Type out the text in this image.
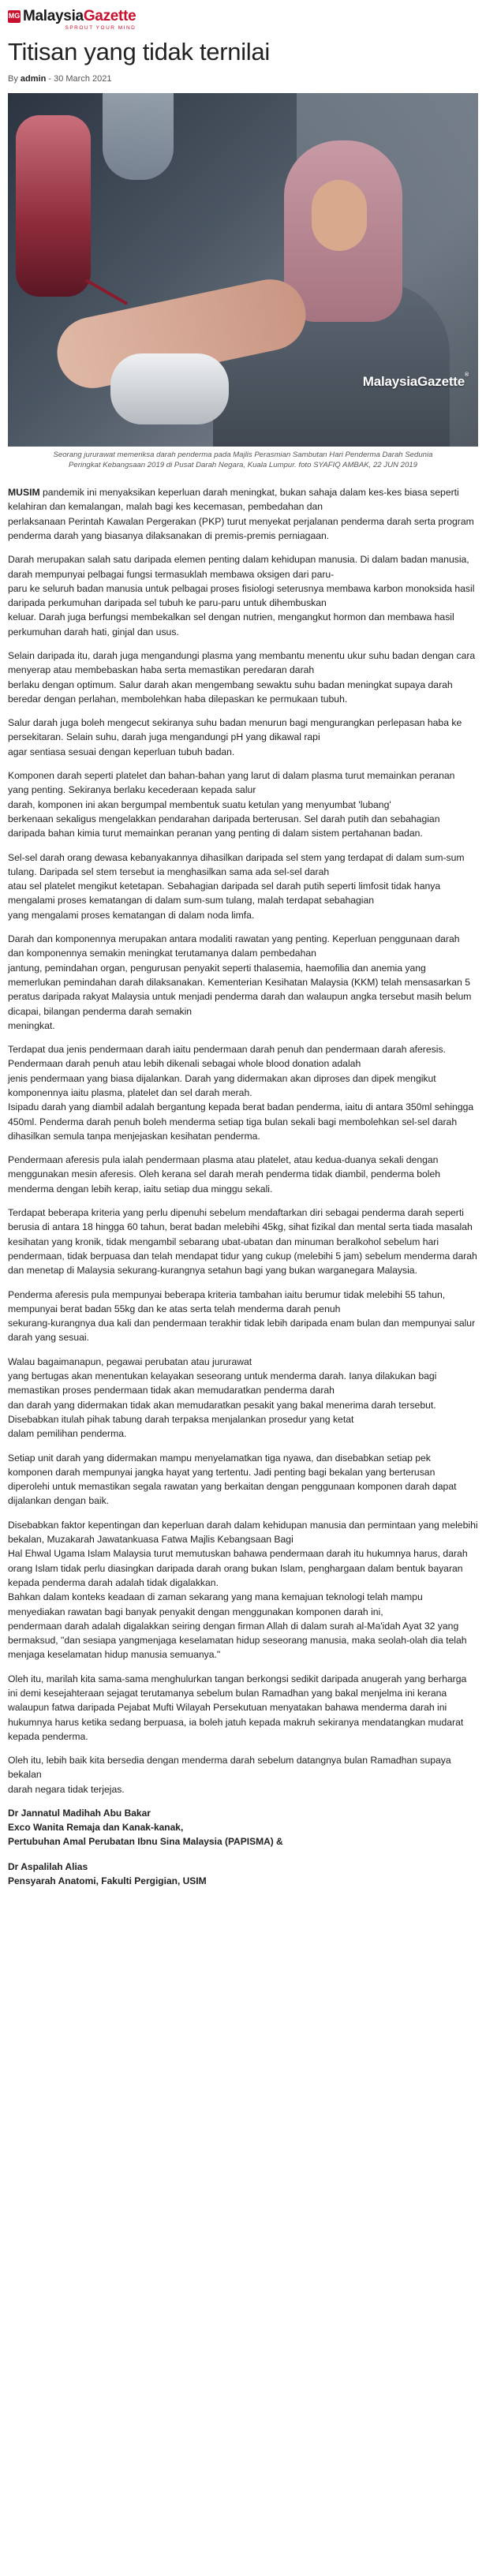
MG MalaysiaGazette
SPROUT YOUR MIND
Titisan yang tidak ternilai
By admin - 30 March 2021
MalaysiaGazette®
Seorang jururawat memeriksa darah penderma pada Majlis Perasmian Sambutan Hari Penderma Darah Sedunia
Peringkat Kebangsaan 2019 di Pusat Darah Negara, Kuala Lumpur. foto SYAFIQ AMBAK, 22 JUN 2019

MUSIM pandemik ini menyaksikan keperluan darah meningkat, bukan sahaja dalam kes-kes biasa seperti kelahiran dan kemalangan, malah bagi kes kecemasan, pembedahan dan

perlaksanaan Perintah Kawalan Pergerakan (PKP) turut menyekat perjalanan penderma darah serta program penderma darah yang biasanya dilaksanakan di premis-premis perniagaan.

Darah merupakan salah satu daripada elemen penting dalam kehidupan manusia. Di dalam badan manusia, darah mempunyai pelbagai fungsi termasuklah membawa oksigen dari paru-

paru ke seluruh badan manusia untuk pelbagai proses fisiologi seterusnya membawa karbon monoksida hasil daripada perkumuhan daripada sel tubuh ke paru-paru untuk dihembuskan

keluar. Darah juga berfungsi membekalkan sel dengan nutrien, mengangkut hormon dan membawa hasil perkumuhan darah hati, ginjal dan usus.

Selain daripada itu, darah juga mengandungi plasma yang membantu menentu ukur suhu badan dengan cara menyerap atau membebaskan haba serta memastikan peredaran darah

berlaku dengan optimum. Salur darah akan mengembang sewaktu suhu badan meningkat supaya darah beredar dengan perlahan, membolehkan haba dilepaskan ke permukaan tubuh.

Salur darah juga boleh mengecut sekiranya suhu badan menurun bagi mengurangkan perlepasan haba ke persekitaran. Selain suhu, darah juga mengandungi pH yang dikawal rapi

agar sentiasa sesuai dengan keperluan tubuh badan.

Komponen darah seperti platelet dan bahan-bahan yang larut di dalam plasma turut memainkan peranan yang penting. Sekiranya berlaku kecederaan kepada salur

darah, komponen ini akan bergumpal membentuk suatu ketulan yang menyumbat 'lubang'

berkenaan sekaligus mengelakkan pendarahan daripada berterusan. Sel darah putih dan sebahagian daripada bahan kimia turut memainkan peranan yang penting di dalam sistem pertahanan badan.

Sel-sel darah orang dewasa kebanyakannya dihasilkan daripada sel stem yang terdapat di dalam sum-sum tulang. Daripada sel stem tersebut ia menghasilkan sama ada sel-sel darah

atau sel platelet mengikut ketetapan. Sebahagian daripada sel darah putih seperti limfosit tidak hanya mengalami proses kematangan di dalam sum-sum tulang, malah terdapat sebahagian

yang mengalami proses kematangan di dalam nodа limfa.

Darah dan komponennya merupakan antara modaliti rawatan yang penting. Keperluan penggunaan darah dan komponennya semakin meningkat terutamanya dalam pembedahan

jantung, pemindahan organ, pengurusan penyakit seperti thalasemia, haemofilia dan anemia yang memerlukan pemindahan darah dilaksanakan. Kementerian Kesihatan Malaysia (KKM) telah mensasarkan 5 peratus daripada rakyat Malaysia untuk menjadi penderma darah dan walaupun angka tersebut masih belum dicapai, bilangan penderma darah semakin

meningkat.

Terdapat dua jenis pendermaan darah iaitu pendermaan darah penuh dan pendermaan darah aferesis. Pendermaan darah penuh atau lebih dikenali sebagai whole blood donation adalah

jenis pendermaan yang biasa dijalankan. Darah yang didermakan akan diproses dan dipek mengikut komponennya iaitu plasma, platelet dan sel darah merah.

Isipadu darah yang diambil adalah bergantung kepada berat badan penderma, iaitu di antara 350ml sehingga 450ml. Penderma darah penuh boleh menderma setiap tiga bulan sekali bagi membolehkan sel-sel darah dihasilkan semula tanpa menjejaskan kesihatan penderma.

Pendermaan aferesis pula ialah pendermaan plasma atau platelet, atau kedua-duanya sekali dengan menggunakan mesin aferesis. Oleh kerana sel darah merah penderma tidak diambil, penderma boleh menderma dengan lebih kerap, iaitu setiap dua minggu sekali.

Terdapat beberapa kriteria yang perlu dipenuhi sebelum mendaftarkan diri sebagai penderma darah seperti berusia di antara 18 hingga 60 tahun, berat badan melebihi 45kg, sihat fizikal dan mental serta tiada masalah kesihatan yang kronik, tidak mengambil sebarang ubat-ubatan dan minuman beralkohol sebelum hari pendermaan, tidak berpuasa dan telah mendapat tidur yang cukup (melebihi 5 jam) sebelum menderma darah dan menetap di Malaysia sekurang-kurangnya setahun bagi yang bukan warganegara Malaysia.

Penderma aferesis pula mempunyai beberapa kriteria tambahan iaitu berumur tidak melebihi 55 tahun, mempunyai berat badan 55kg dan ke atas serta telah menderma darah penuh

sekurang-kurangnya dua kali dan pendermaan terakhir tidak lebih daripada enam bulan dan mempunyai salur darah yang sesuai.

Walau bagaimanapun, pegawai perubatan atau jururawat

yang bertugas akan menentukan kelayakan seseorang untuk menderma darah. Ianya dilakukan bagi memastikan proses pendermaan tidak akan memudaratkan penderma darah

dan darah yang didermakan tidak akan memudaratkan pesakit yang bakal menerima darah tersebut. Disebabkan itulah pihak tabung darah terpaksa menjalankan prosedur yang ketat

dalam pemilihan penderma.

Setiap unit darah yang didermakan mampu menyelamatkan tiga nyawa, dan disebabkan setiap pek komponen darah mempunyai jangka hayat yang tertentu. Jadi penting bagi bekalan yang berterusan diperolehi untuk memastikan segala rawatan yang berkaitan dengan penggunaan komponen darah dapat dijalankan dengan baik.

Disebabkan faktor kepentingan dan keperluan darah dalam kehidupan manusia dan permintaan yang melebihi bekalan, Muzakarah Jawatankuasa Fatwa Majlis Kebangsaan Bagi

Hal Ehwal Ugama Islam Malaysia turut memutuskan bahawa pendermaan darah itu hukumnya harus, darah orang Islam tidak perlu diasingkan daripada darah orang bukan Islam, penghargaan dalam bentuk bayaran kepada penderma darah adalah tidak digalakkan.

Bahkan dalam konteks keadaan di zaman sekarang yang mana kemajuan teknologi telah mampu menyediakan rawatan bagi banyak penyakit dengan menggunakan komponen darah ini,

pendermaan darah adalah digalakkan seiring dengan firman Allah di dalam surah al-Ma'idah Ayat 32 yang bermaksud, "dan sesiapa yangmenjaga keselamatan hidup seseorang manusia, maka seolah-olah dia telah menjaga keselamatan hidup manusia semuanya."

Oleh itu, marilah kita sama-sama menghulurkan tangan berkongsi sedikit daripada anugerah yang berharga ini demi kesejahteraan sejagat terutamanya sebelum bulan Ramadhan yang bakal menjelma ini kerana walaupun fatwa daripada Pejabat Mufti Wilayah Persekutuan menyatakan bahawa menderma darah ini hukumnya harus ketika sedang berpuasa, ia boleh jatuh kepada makruh sekiranya mendatangkan mudarat kepada penderma.

Oleh itu, lebih baik kita bersedia dengan menderma darah sebelum datangnya bulan Ramadhan supaya bekalan

darah negara tidak terjejas.

Dr Jannatul Madihah Abu Bakar

Exco Wanita Remaja dan Kanak-kanak,

Pertubuhan Amal Perubatan Ibnu Sina Malaysia (PAPISMA) &

Dr Aspalilah Alias

Pensyarah Anatomi, Fakulti Pergigian, USIM
